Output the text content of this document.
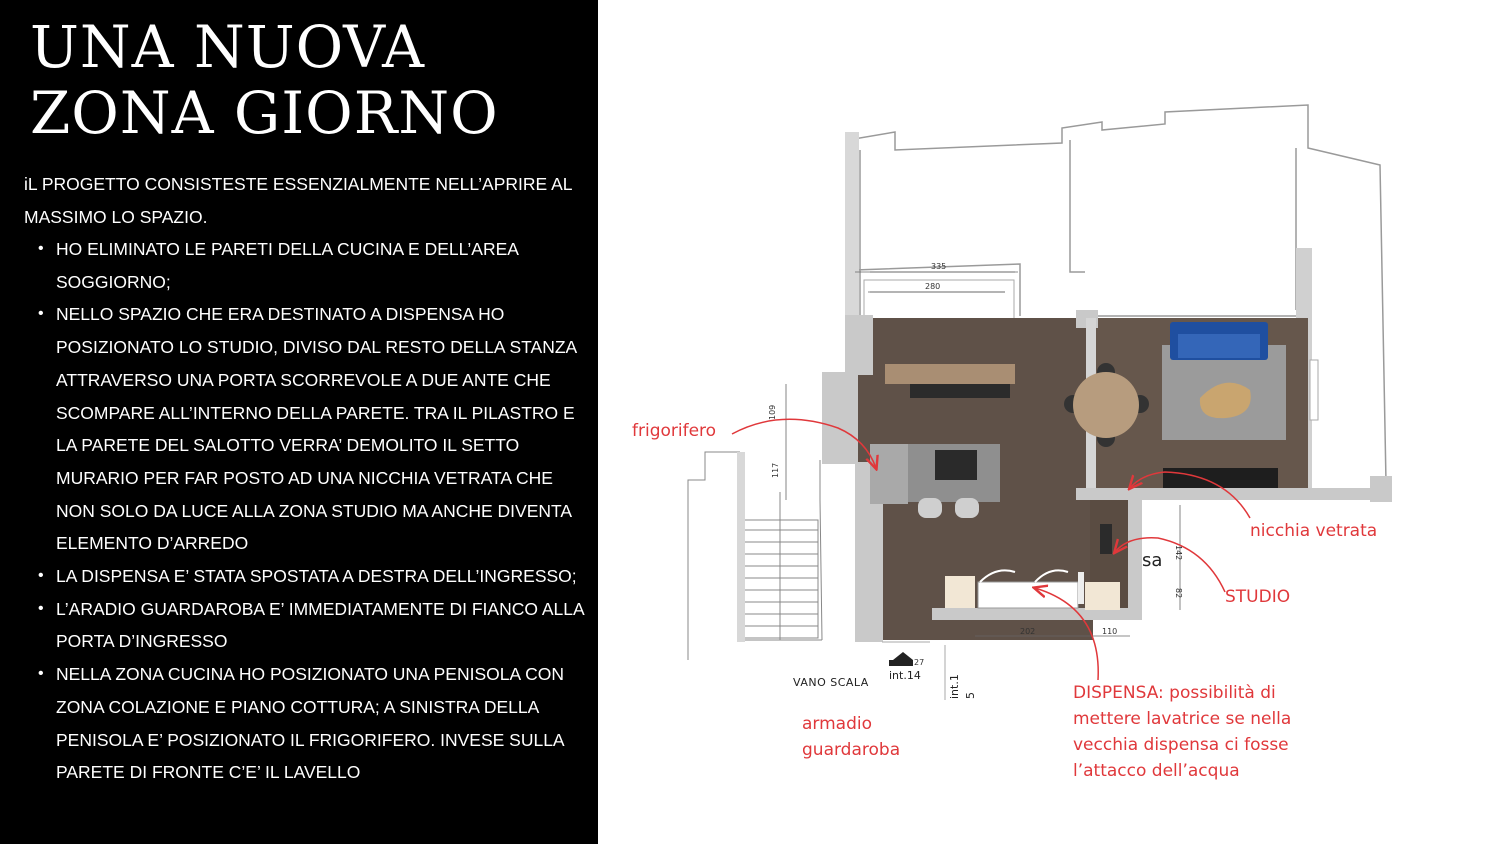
UNA NUOVA
ZONA GIORNO

iL PROGETTO CONSISTESTE ESSENZIALMENTE NELL’APRIRE AL MASSIMO LO SPAZIO.

• HO ELIMINATO LE PARETI DELLA CUCINA E DELL’AREA SOGGIORNO;
• NELLO SPAZIO CHE ERA DESTINATO A DISPENSA HO POSIZIONATO LO STUDIO, DIVISO DAL RESTO DELLA STANZA ATTRAVERSO UNA PORTA SCORREVOLE A DUE ANTE CHE SCOMPARE ALL’INTERNO DELLA PARETE. TRA IL PILASTRO E LA PARETE DEL SALOTTO VERRA’ DEMOLITO IL SETTO MURARIO PER FAR POSTO AD UNA NICCHIA VETRATA CHE NON SOLO DA LUCE ALLA ZONA STUDIO MA ANCHE DIVENTA ELEMENTO D’ARREDO
• LA DISPENSA E’ STATA SPOSTATA A DESTRA DELL’INGRESSO;
• L’ARADIO GUARDAROBA E’ IMMEDIATAMENTE DI FIANCO ALLA PORTA D’INGRESSO
• NELLA ZONA CUCINA HO POSIZIONATO UNA PENISOLA CON ZONA COLAZIONE E PIANO COTTURA; A SINISTRA DELLA PENISOLA E’ POSIZIONATO IL FRIGORIFERO. INVESE SULLA PARETE DI FRONTE C’E’ IL LAVELLO
335
280
109
117
142
82
202	110
27
VANO SCALA
int.14 int.1 5
sa
frigorifero
nicchia vetrata
STUDIO
DISPENSA: possibilità di mettere lavatrice se nella vecchia dispensa ci fosse l’attacco dell’acqua
armadio guardaroba
